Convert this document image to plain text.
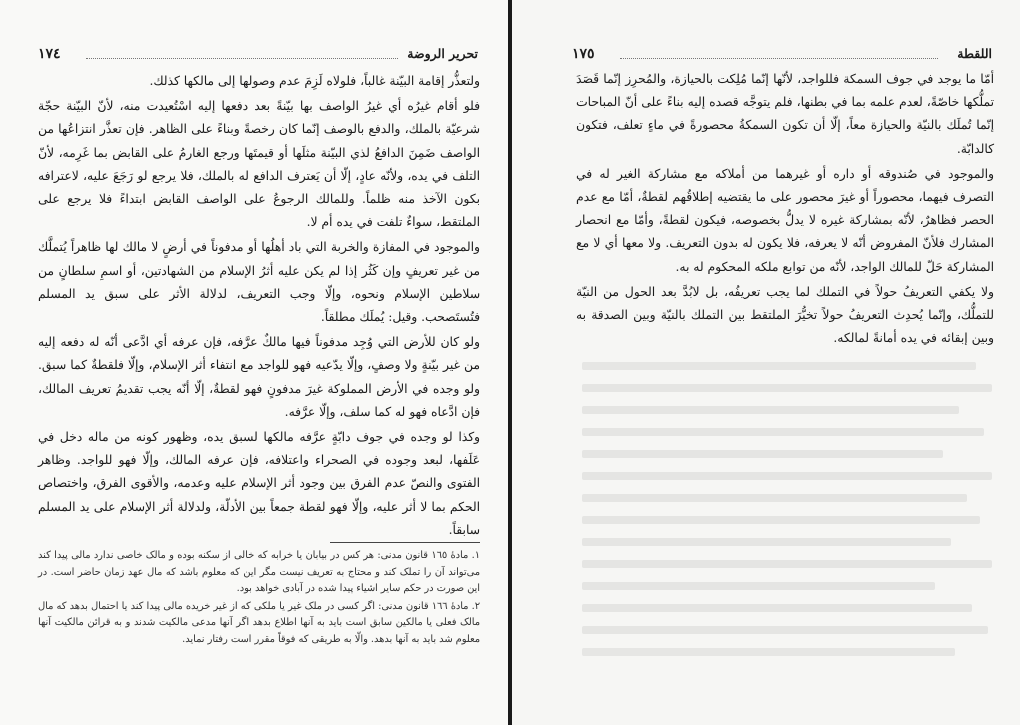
تحرير الروضة
١٧٤

ولتعذُّر إقامة البيّنة غالباً، فلولاه لَزِمَ عدم وصولها إلى مالكها كذلك.

فلو أقام غيرُه أي غيرُ الواصف بها بيّنةً بعد دفعها إليه اسْتُعيدت منه، لأنّ البيّنة حجّة شرعيّة بالملك، والدفع بالوصف إنّما كان رخصةً وبناءً على الظاهر. فإن تعذَّر انتزاعُها من الواصف ضَمِنَ الدافعُ لذي البيّنة مثلَها أو قيمتَها ورجع الغارمُ على القابض بما غَرِمه، لأنّ التلف في يده، ولأنّه عادٍ، إلّا أن يَعترف الدافع له بالملك، فلا يرجع لو رَجَعَ عليه، لاعترافه بكون الآخذ منه ظلماً. وللمالك الرجوعُ على الواصف القابض ابتداءً فلا يرجع على الملتقط، سواءٌ تلفت في يده أم لا.

والموجود في المفازة والخربة التي باد أهلُها أو مدفوناً في أرضٍ لا مالك لها ظاهراً يُتملَّك من غير تعريفٍ وإن كَثُر إذا لم يكن عليه أثرُ الإسلام من الشهادتين، أو اسمِ سلطانٍ من سلاطين الإسلام ونحوه، وإلّا وجب التعريف، لدلالة الأثر على سبق يد المسلم فتُستَصحب. وقيل: يُملَك مطلقاً.

ولو كان للأرض التي وُجِد مدفوناً فيها مالكٌ عرَّفه، فإن عرفه أي ادَّعى أنّه له دفعه إليه من غير بيّنةٍ ولا وصفٍ، وإلّا يدّعيه فهو للواجد مع انتفاء أثر الإسلام، وإلّا فلقطةٌ كما سبق. ولو وجده في الأرض المملوكة غيرَ مدفونٍ فهو لقطةٌ، إلّا أنّه يجب تقديمُ تعريف المالك، فإن ادَّعاه فهو له كما سلف، وإلّا عرَّفه.

وكذا لو وجده في جوف دابّةٍ عرَّفه مالكها لسبق يده، وظهور كونه من ماله دخل في عَلَفها، لبعد وجوده في الصحراء واعتلافه، فإن عرفه المالك، وإلّا فهو للواجد. وظاهر الفتوى والنصّ عدم الفرق بين وجود أثر الإسلام عليه وعدمه، والأقوى الفرق، واختصاص الحكم بما لا أثر عليه، وإلّا فهو لقطة جمعاً بين الأدلّة، ولدلالة أثر الإسلام على يد المسلم سابقاً.

١. مادهٔ ١٦٥ قانون مدنی: هر کس در بیابان یا خرابه که خالی از سکنه بوده و مالک خاصی ندارد مالی پیدا کند می‌تواند آن را تملک کند و محتاج به تعریف نیست مگر این که معلوم باشد که مال عهد زمان حاضر است. در این صورت در حکم سایر اشیاء پیدا شده در آبادی خواهد بود.

٢. مادهٔ ١٦٦ قانون مدنی: اگر کسی در ملک غیر یا ملکی که از غیر خریده مالی پیدا کند یا احتمال بدهد که مال مالک فعلی یا مالکین سابق است باید به آنها اطلاع بدهد اگر آنها مدعی مالکیت شدند و به قرائن مالکیت آنها معلوم شد باید به آنها بدهد. والّا به طریقی که فوقاً مقرر است رفتار نماید.

اللقطة
١٧٥

أمّا ما يوجد في جوف السمكة فللواجد، لأنّها إنّما مُلِكت بالحيازة، والمُحرِز إنّما قَصَدَ تملُّكها خاصّةً، لعدم علمه بما في بطنها، فلم يتوجَّه قصده إليه بناءً على أنّ المباحات إنّما تُملَك بالنيّة والحيازة معاً، إلّا أن تكون السمكةُ محصورةً في ماءٍ تعلف، فتكون كالدابّة.

والموجود في صُندوقه أو داره أو غيرهما من أملاكه مع مشاركة الغير له في التصرف فيهما، محصوراً أو غيرَ محصور على ما يقتضيه إطلاقُهم لقطةٌ، أمّا مع عدم الحصر فظاهرٌ، لأنّه بمشاركة غيره لا يدلُّ بخصوصه، فيكون لقطةً، وأمّا مع انحصار المشارك فلأنّ المفروض أنّه لا يعرفه، فلا يكون له بدون التعريف. ولا معها أي لا مع المشاركة حَلّ للمالك الواجد، لأنّه من توابع ملكه المحكوم له به.

ولا يكفي التعريفُ حولاً في التملك لما يجب تعريفُه، بل لابُدَّ بعد الحول من النيّة للتملُّك، وإنّما يُحدِث التعريفُ حولاً تخيُّرَ الملتقط بين التملك بالنيّة وبين الصدقة به وبين إبقائه في يده أمانةً لمالكه.
